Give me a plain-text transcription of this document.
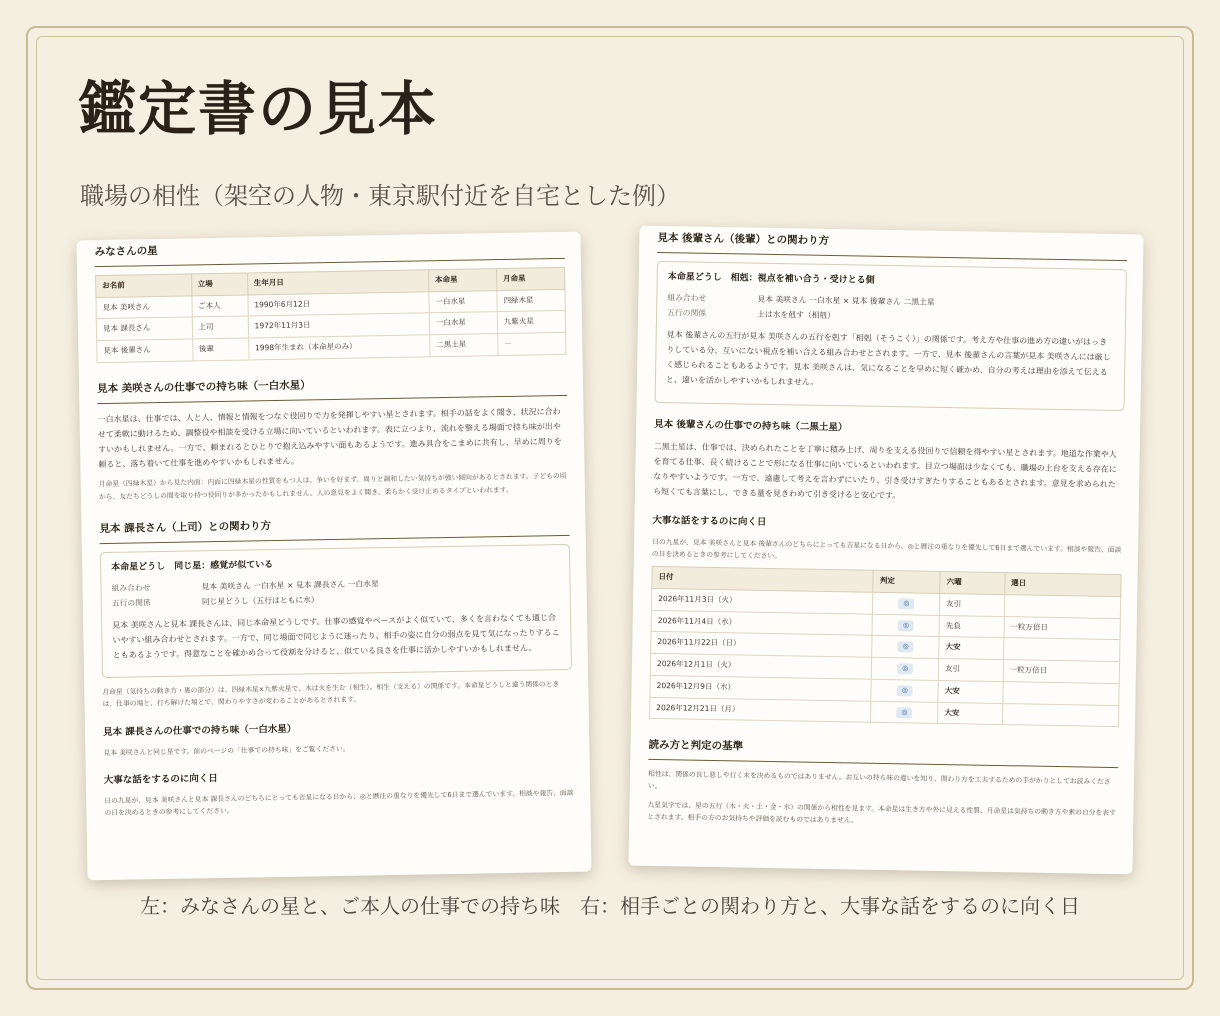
鑑定書の見本
職場の相性（架空の人物・東京駅付近を自宅とした例）
みなさんの星
お名前	立場	生年月日	本命星	月命星
見本 美咲さん	ご本人	1990年6月12日	一白水星	四緑木星
見本 課長さん	上司	1972年11月3日	一白水星	九紫火星
見本 後輩さん	後輩	1998年生まれ（本命星のみ）	二黒土星	－
見本 美咲さんの仕事での持ち味（一白水星）
一白水星は、仕事では、人と人、情報と情報をつなぐ役回りで力を発揮しやすい星とされます。相手の話をよく聞き、状況に合わせて柔軟に動けるため、調整役や相談を受ける立場に向いているといわれます。表に立つより、流れを整える場面で持ち味が出やすいかもしれません。一方で、頼まれるとひとりで抱え込みやすい面もあるようです。進み具合をこまめに共有し、早めに周りを頼ると、落ち着いて仕事を進めやすいかもしれません。
月命星（四緑木星）から見た内面：内面に四緑木星の性質をもつ人は、争いを好まず、周りと調和したい気持ちが強い傾向があるとされます。子どもの頃から、友だちどうしの間を取り持つ役回りが多かったかもしれません。人の意見をよく聞き、柔らかく受け止めるタイプといわれます。
見本 課長さん（上司）との関わり方
本命星どうし　同じ星：感覚が似ている
組み合わせ	見本 美咲さん 一白水星 × 見本 課長さん 一白水星
五行の関係	同じ星どうし（五行はともに水）
見本 美咲さんと見本 課長さんは、同じ本命星どうしです。仕事の感覚やペースがよく似ていて、多くを言わなくても通じ合いやすい組み合わせとされます。一方で、同じ場面で同じように迷ったり、相手の姿に自分の弱点を見て気になったりすることもあるようです。得意なことを確かめ合って役割を分けると、似ている良さを仕事に活かしやすいかもしれません。
月命星（気持ちの動き方・裏の部分）は、四緑木星×九紫火星で、木は火を生む（相生）。相生（支える）の関係です。本命星どうしと違う関係のときは、仕事の場と、打ち解けた場とで、関わりやすさが変わることがあるとされます。
見本 課長さんの仕事での持ち味（一白水星）
見本 美咲さんと同じ星です。前のページの「仕事での持ち味」をご覧ください。
大事な話をするのに向く日
日の九星が、見本 美咲さんと見本 課長さんのどちらにとっても吉星になる日から、◎と暦注の重なりを優先して6日まで選んでいます。相談や報告、面談の日を決めるときの参考にしてください。
見本 後輩さん（後輩）との関わり方
本命星どうし　相剋：視点を補い合う・受けとる側
組み合わせ	見本 美咲さん 一白水星 × 見本 後輩さん 二黒土星
五行の関係	土は水を剋す（相剋）
見本 後輩さんの五行が見本 美咲さんの五行を剋す「相剋（そうこく）」の関係です。考え方や仕事の進め方の違いがはっきりしている分、互いにない視点を補い合える組み合わせとされます。一方で、見本 後輩さんの言葉が見本 美咲さんには厳しく感じられることもあるようです。見本 美咲さんは、気になることを早めに短く確かめ、自分の考えは理由を添えて伝えると、違いを活かしやすいかもしれません。
見本 後輩さんの仕事での持ち味（二黒土星）
二黒土星は、仕事では、決められたことを丁寧に積み上げ、周りを支える役回りで信頼を得やすい星とされます。地道な作業や人を育てる仕事、長く続けることで形になる仕事に向いているといわれます。目立つ場面は少なくても、職場の土台を支える存在になりやすいようです。一方で、遠慮して考えを言わずにいたり、引き受けすぎたりすることもあるとされます。意見を求められたら短くても言葉にし、できる量を見きわめて引き受けると安心です。
大事な話をするのに向く日
日の九星が、見本 美咲さんと見本 後輩さんのどちらにとっても吉星になる日から、◎と暦注の重なりを優先して6日まで選んでいます。相談や報告、面談の日を決めるときの参考にしてください。
日付	判定	六曜	選日
2026年11月3日（火）	◎	友引	
2026年11月4日（水）	◎	先負	一粒万倍日
2026年11月22日（日）	◎	大安	
2026年12月1日（火）	◎	友引	一粒万倍日
2026年12月9日（水）	◎	大安	
2026年12月21日（月）	◎	大安	
読み方と判定の基準
相性は、関係の良し悪しや行く末を決めるものではありません。お互いの持ち味の違いを知り、関わり方を工夫するための手がかりとしてお読みください。
九星気学では、星の五行（木・火・土・金・水）の関係から相性を見ます。本命星は生き方や外に見える性質、月命星は気持ちの動き方や素の自分を表すとされます。相手の方のお気持ちや評価を読むものではありません。
左：みなさんの星と、ご本人の仕事での持ち味　右：相手ごとの関わり方と、大事な話をするのに向く日
